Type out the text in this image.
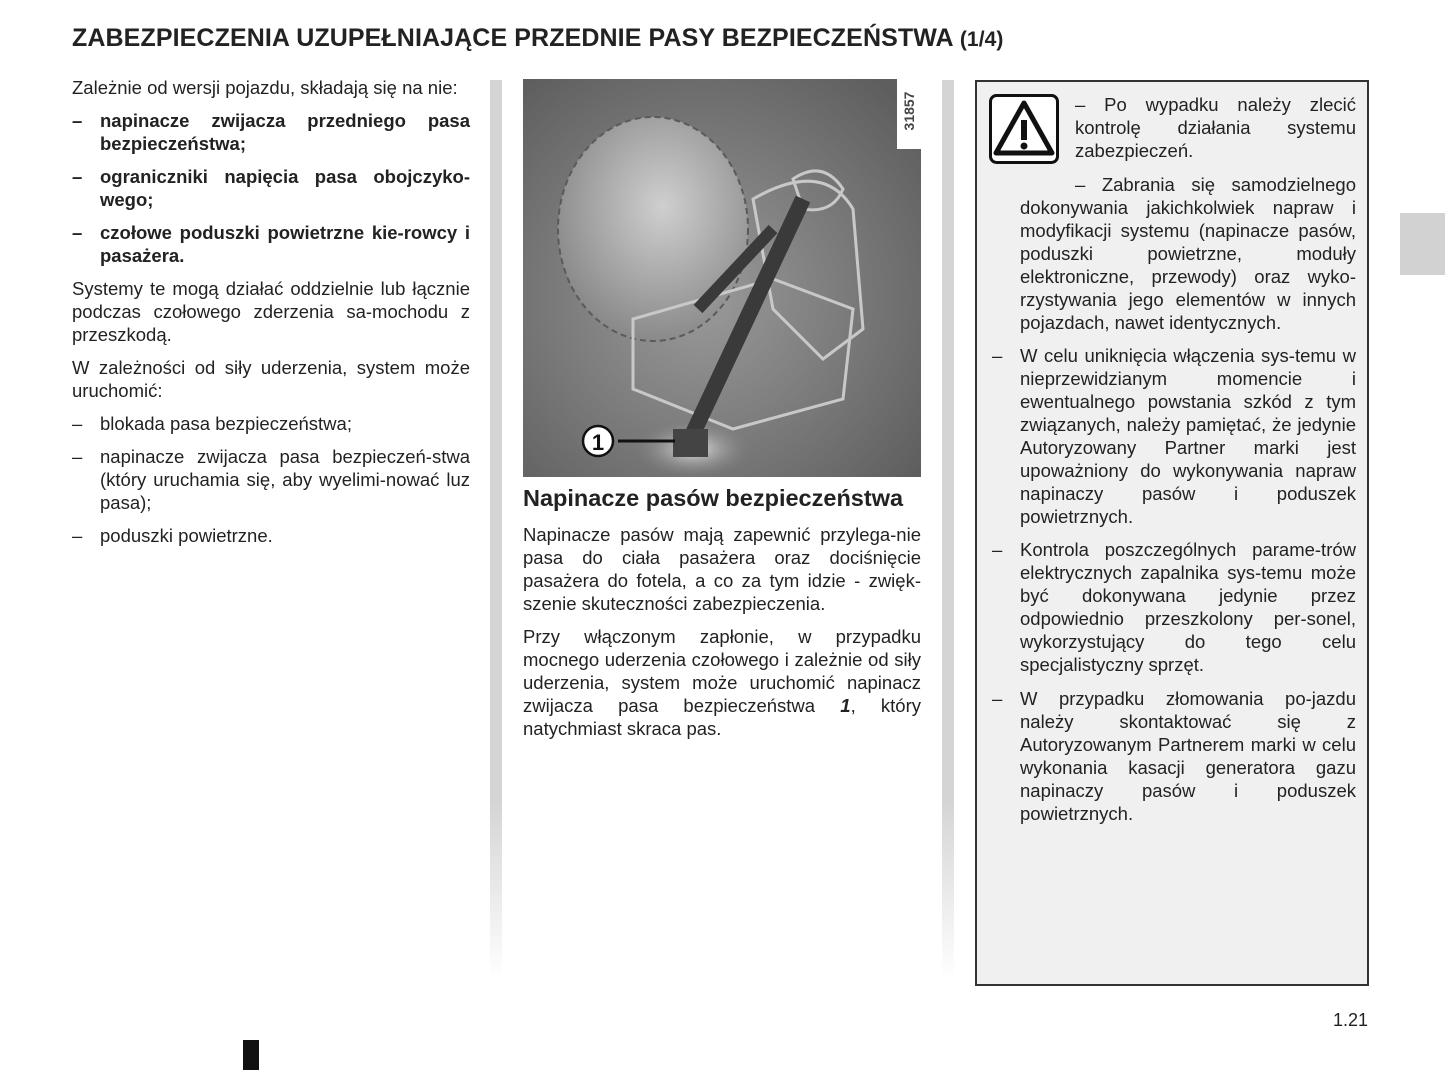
ZABEZPIECZENIA UZUPEŁNIAJĄCE PRZEDNIE PASY BEZPIECZEŃSTWA (1/4)

Zależnie od wersji pojazdu, składają się na nie:

– napinacze zwijacza przedniego pasa bezpieczeństwa;
– ograniczniki napięcia pasa obojczyko-wego;
– czołowe poduszki powietrzne kie-rowcy i pasażera.

Systemy te mogą działać oddzielnie lub łącznie podczas czołowego zderzenia sa-mochodu z przeszkodą.

W zależności od siły uderzenia, system może uruchomić:

– blokada pasa bezpieczeństwa;
– napinacze zwijacza pasa bezpieczeń-stwa (który uruchamia się, aby wyelimi-nować luz pasa);
– poduszki powietrzne.
1
31857
Napinacze pasów bezpieczeństwa

Napinacze pasów mają zapewnić przylega-nie pasa do ciała pasażera oraz dociśnięcie pasażera do fotela, a co za tym idzie - zwięk-szenie skuteczności zabezpieczenia.

Przy włączonym zapłonie, w przypadku mocnego uderzenia czołowego i zależnie od siły uderzenia, system może uruchomić napinacz zwijacza pasa bezpieczeństwa 1, który natychmiast skraca pas.

– Po wypadku należy zlecić kontrolę działania systemu zabezpieczeń.
– Zabrania się samodzielnego dokonywania jakichkolwiek napraw i modyfikacji systemu (napinacze pasów, poduszki powietrzne, moduły elektroniczne, przewody) oraz wyko-rzystywania jego elementów w innych pojazdach, nawet identycznych.
– W celu uniknięcia włączenia sys-temu w nieprzewidzianym momencie i ewentualnego powstania szkód z tym związanych, należy pamiętać, że jedynie Autoryzowany Partner marki jest upoważniony do wykonywania napraw napinaczy pasów i poduszek powietrznych.
– Kontrola poszczególnych parame-trów elektrycznych zapalnika sys-temu może być dokonywana jedynie przez odpowiednio przeszkolony per-sonel, wykorzystujący do tego celu specjalistyczny sprzęt.
– W przypadku złomowania po-jazdu należy skontaktować się z Autoryzowanym Partnerem marki w celu wykonania kasacji generatora gazu napinaczy pasów i poduszek powietrznych.
1.21
